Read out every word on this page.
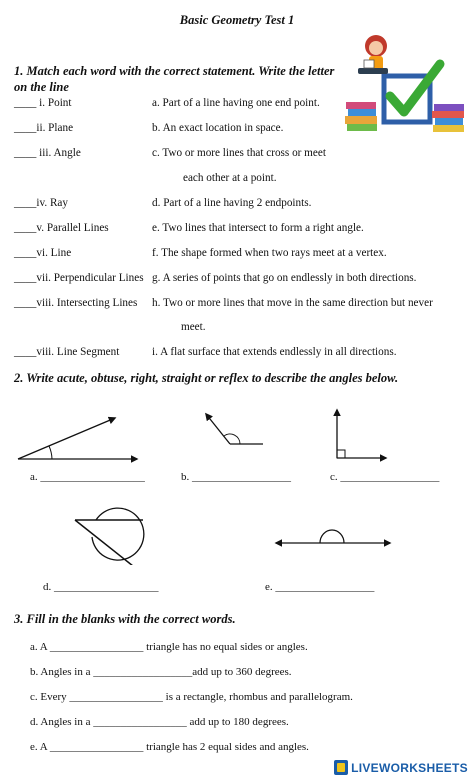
Basic Geometry Test 1
1. Match each word with the correct statement. Write the letter
on the line
____ i. Point	a. Part of a line having one end point.
____ii. Plane	b. An exact location in space.
____ iii. Angle	c. Two or more lines that cross or meet
each other at a point.
____iv. Ray	d. Part of a line having 2 endpoints.
____v. Parallel Lines	e. Two lines that intersect to form a right angle.
____vi. Line	f. The shape formed when two rays meet at a vertex.
____vii. Perpendicular Lines g. A series of points that go on endlessly in both directions.
____viii. Intersecting Lines h. Two or more lines that move in the same direction but never
meet.
____viii. Line Segment	i. A flat surface that extends endlessly in all directions.
2. Write acute, obtuse, right, straight or reflex to describe the angles below.
a. ___________________	b. __________________	c. __________________
d. ___________________	e. __________________
3. Fill in the blanks with the correct words.
a. A _________________ triangle has no equal sides or angles.
b. Angles in a __________________add up to 360 degrees.
c. Every _________________ is a rectangle, rhombus and parallelogram.
d. Angles in a _________________ add up to 180 degrees.
e. A _________________ triangle has 2 equal sides and angles.
LIVEWORKSHEETS
